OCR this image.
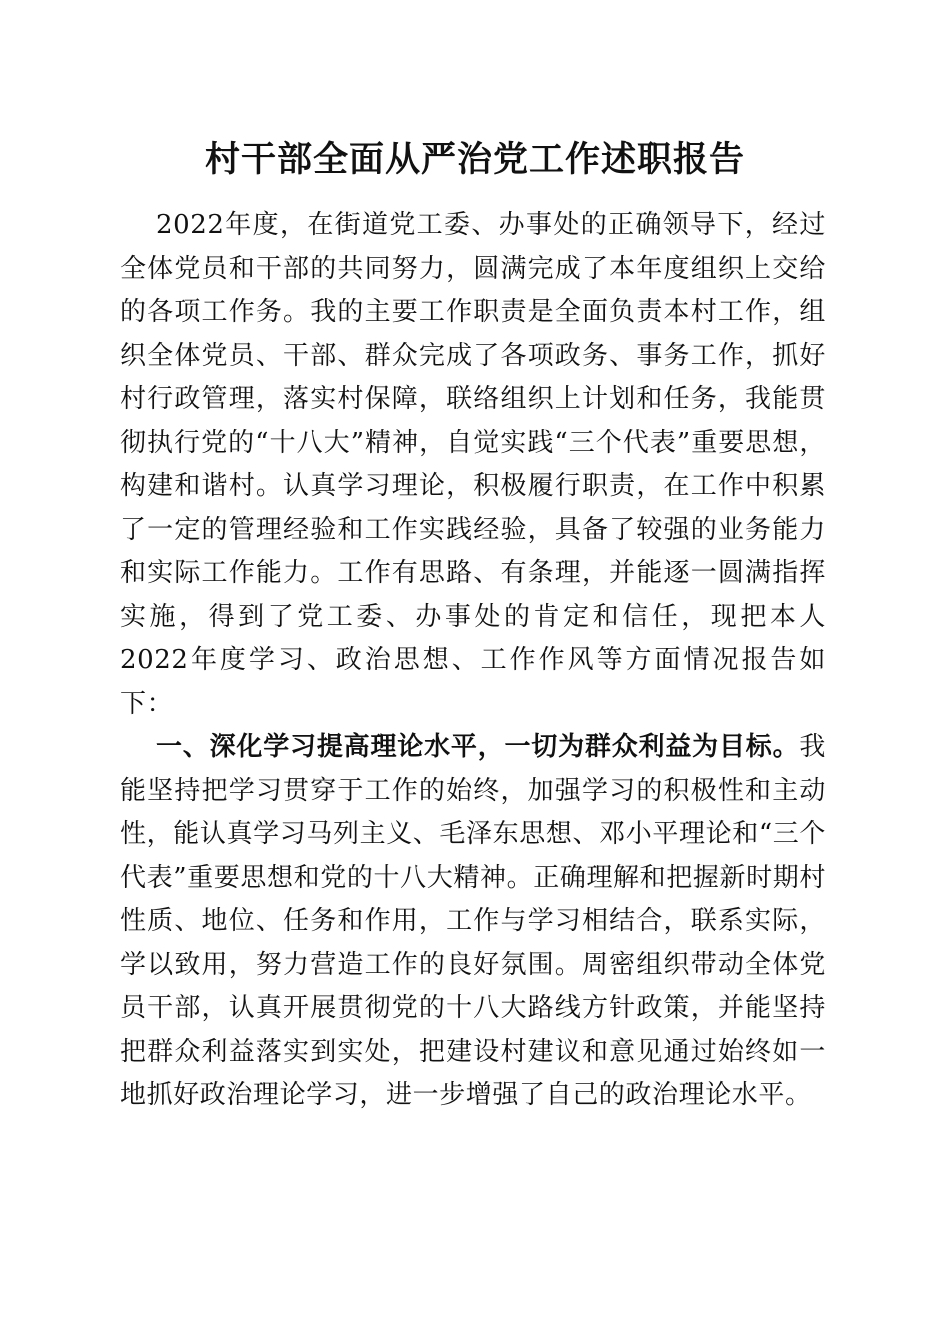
村干部全面从严治党工作述职报告

2022年度，在街道党工委、办事处的正确领导下，经过全体党员和干部的共同努力，圆满完成了本年度组织上交给的各项工作务。我的主要工作职责是全面负责本村工作，组织全体党员、干部、群众完成了各项政务、事务工作，抓好村行政管理，落实村保障，联络组织上计划和任务，我能贯彻执行党的“十八大”精神，自觉实践“三个代表”重要思想，构建和谐村。认真学习理论，积极履行职责，在工作中积累了一定的管理经验和工作实践经验，具备了较强的业务能力和实际工作能力。工作有思路、有条理，并能逐一圆满指挥实施，得到了党工委、办事处的肯定和信任，现把本人2022年度学习、政治思想、工作作风等方面情况报告如下：

一、深化学习提高理论水平，一切为群众利益为目标。我能坚持把学习贯穿于工作的始终，加强学习的积极性和主动性，能认真学习马列主义、毛泽东思想、邓小平理论和“三个代表”重要思想和党的十八大精神。正确理解和把握新时期村性质、地位、任务和作用，工作与学习相结合，联系实际，学以致用，努力营造工作的良好氛围。周密组织带动全体党员干部，认真开展贯彻党的十八大路线方针政策，并能坚持把群众利益落实到实处，把建设村建议和意见通过始终如一地抓好政治理论学习，进一步增强了自己的政治理论水平。
